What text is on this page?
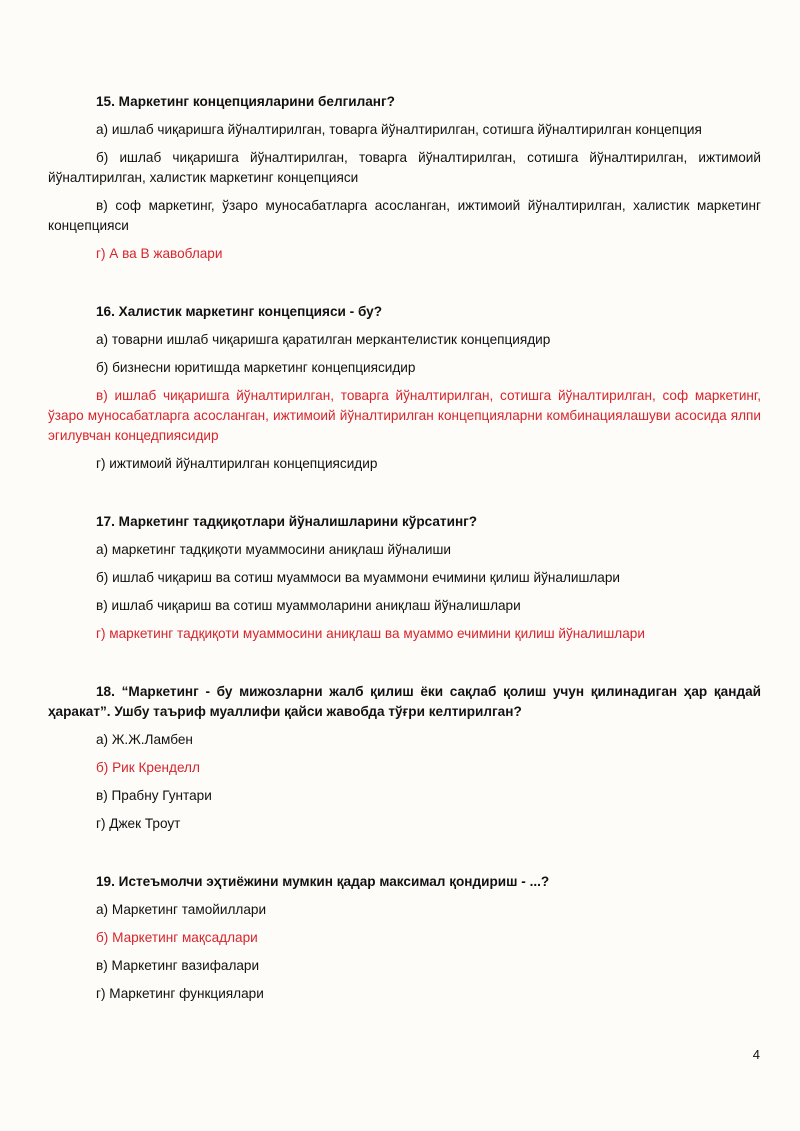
15. Маркетинг концепцияларини белгиланг?

а) ишлаб чиқаришга йўналтирилган, товарга йўналтирилган, сотишга йўналтирилган концепция

б) ишлаб чиқаришга йўналтирилган, товарга йўналтирилган, сотишга йўналтирилган, ижтимоий йўналтирилган, халистик маркетинг концепцияси

в) соф маркетинг, ўзаро муносабатларга асосланган, ижтимоий йўналтирилган, халистик маркетинг концепцияси

г) А ва В жавоблари

16. Халистик маркетинг концепцияси - бу?

а) товарни ишлаб чиқаришга қаратилган меркантелистик концепциядир

б) бизнесни юритишда маркетинг концепциясидир

в) ишлаб чиқаришга йўналтирилган, товарга йўналтирилган, сотишга йўналтирилган, соф маркетинг, ўзаро муносабатларга асосланган, ижтимоий йўналтирилган концепцияларни комбинациялашуви асосида ялпи эгилувчан концедпиясидир

г) ижтимоий йўналтирилган концепциясидир

17. Маркетинг тадқиқотлари йўналишларини кўрсатинг?

а) маркетинг тадқиқоти муаммосини аниқлаш йўналиши

б) ишлаб чиқариш ва сотиш муаммоси ва муаммони ечимини қилиш йўналишлари

в) ишлаб чиқариш ва сотиш муаммоларини аниқлаш йўналишлари

г) маркетинг тадқиқоти муаммосини аниқлаш ва муаммо ечимини қилиш йўналишлари

18. “Маркетинг - бу мижозларни жалб қилиш ёки сақлаб қолиш учун қилинадиган ҳар қандай ҳаракат”. Ушбу таъриф муаллифи қайси жавобда тўғри келтирилган?

а) Ж.Ж.Ламбен

б) Рик Кренделл

в) Прабну Гунтари

г) Джек Троут

19. Истеъмолчи эҳтиёжини мумкин қадар максимал қондириш - ...?

а) Маркетинг тамойиллари

б) Маркетинг мақсадлари

в) Маркетинг вазифалари

г) Маркетинг функциялари

4
